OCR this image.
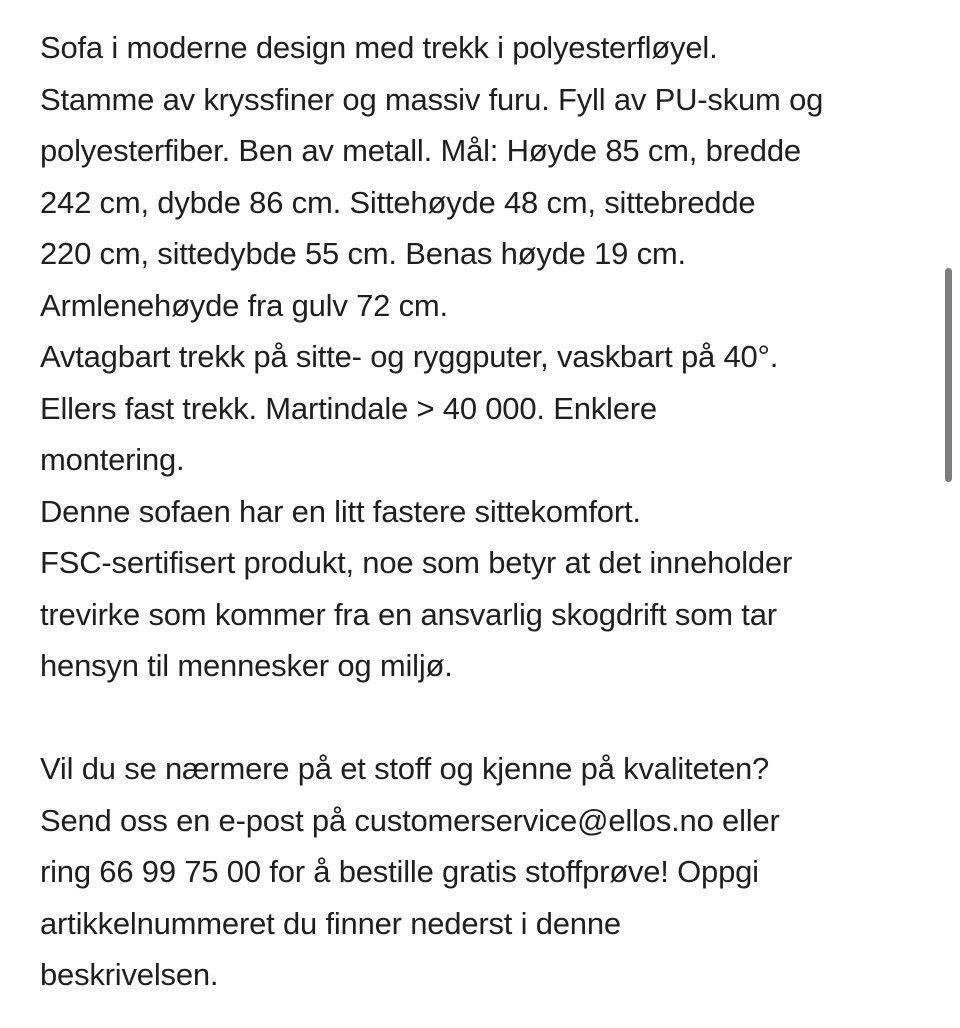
Sofa i moderne design med trekk i polyesterfløyel.
Stamme av kryssfiner og massiv furu. Fyll av PU-skum og
polyesterfiber. Ben av metall. Mål: Høyde 85 cm, bredde
242 cm, dybde 86 cm. Sittehøyde 48 cm, sittebredde
220 cm, sittedybde 55 cm. Benas høyde 19 cm.
Armlenehøyde fra gulv 72 cm.
Avtagbart trekk på sitte- og ryggputer, vaskbart på 40°.
Ellers fast trekk. Martindale > 40 000. Enklere
montering.
Denne sofaen har en litt fastere sittekomfort.
FSC-sertifisert produkt, noe som betyr at det inneholder
trevirke som kommer fra en ansvarlig skogdrift som tar
hensyn til mennesker og miljø.
Vil du se nærmere på et stoff og kjenne på kvaliteten?
Send oss en e-post på customerservice@ellos.no eller
ring 66 99 75 00 for å bestille gratis stoffprøve! Oppgi
artikkelnummeret du finner nederst i denne
beskrivelsen.
